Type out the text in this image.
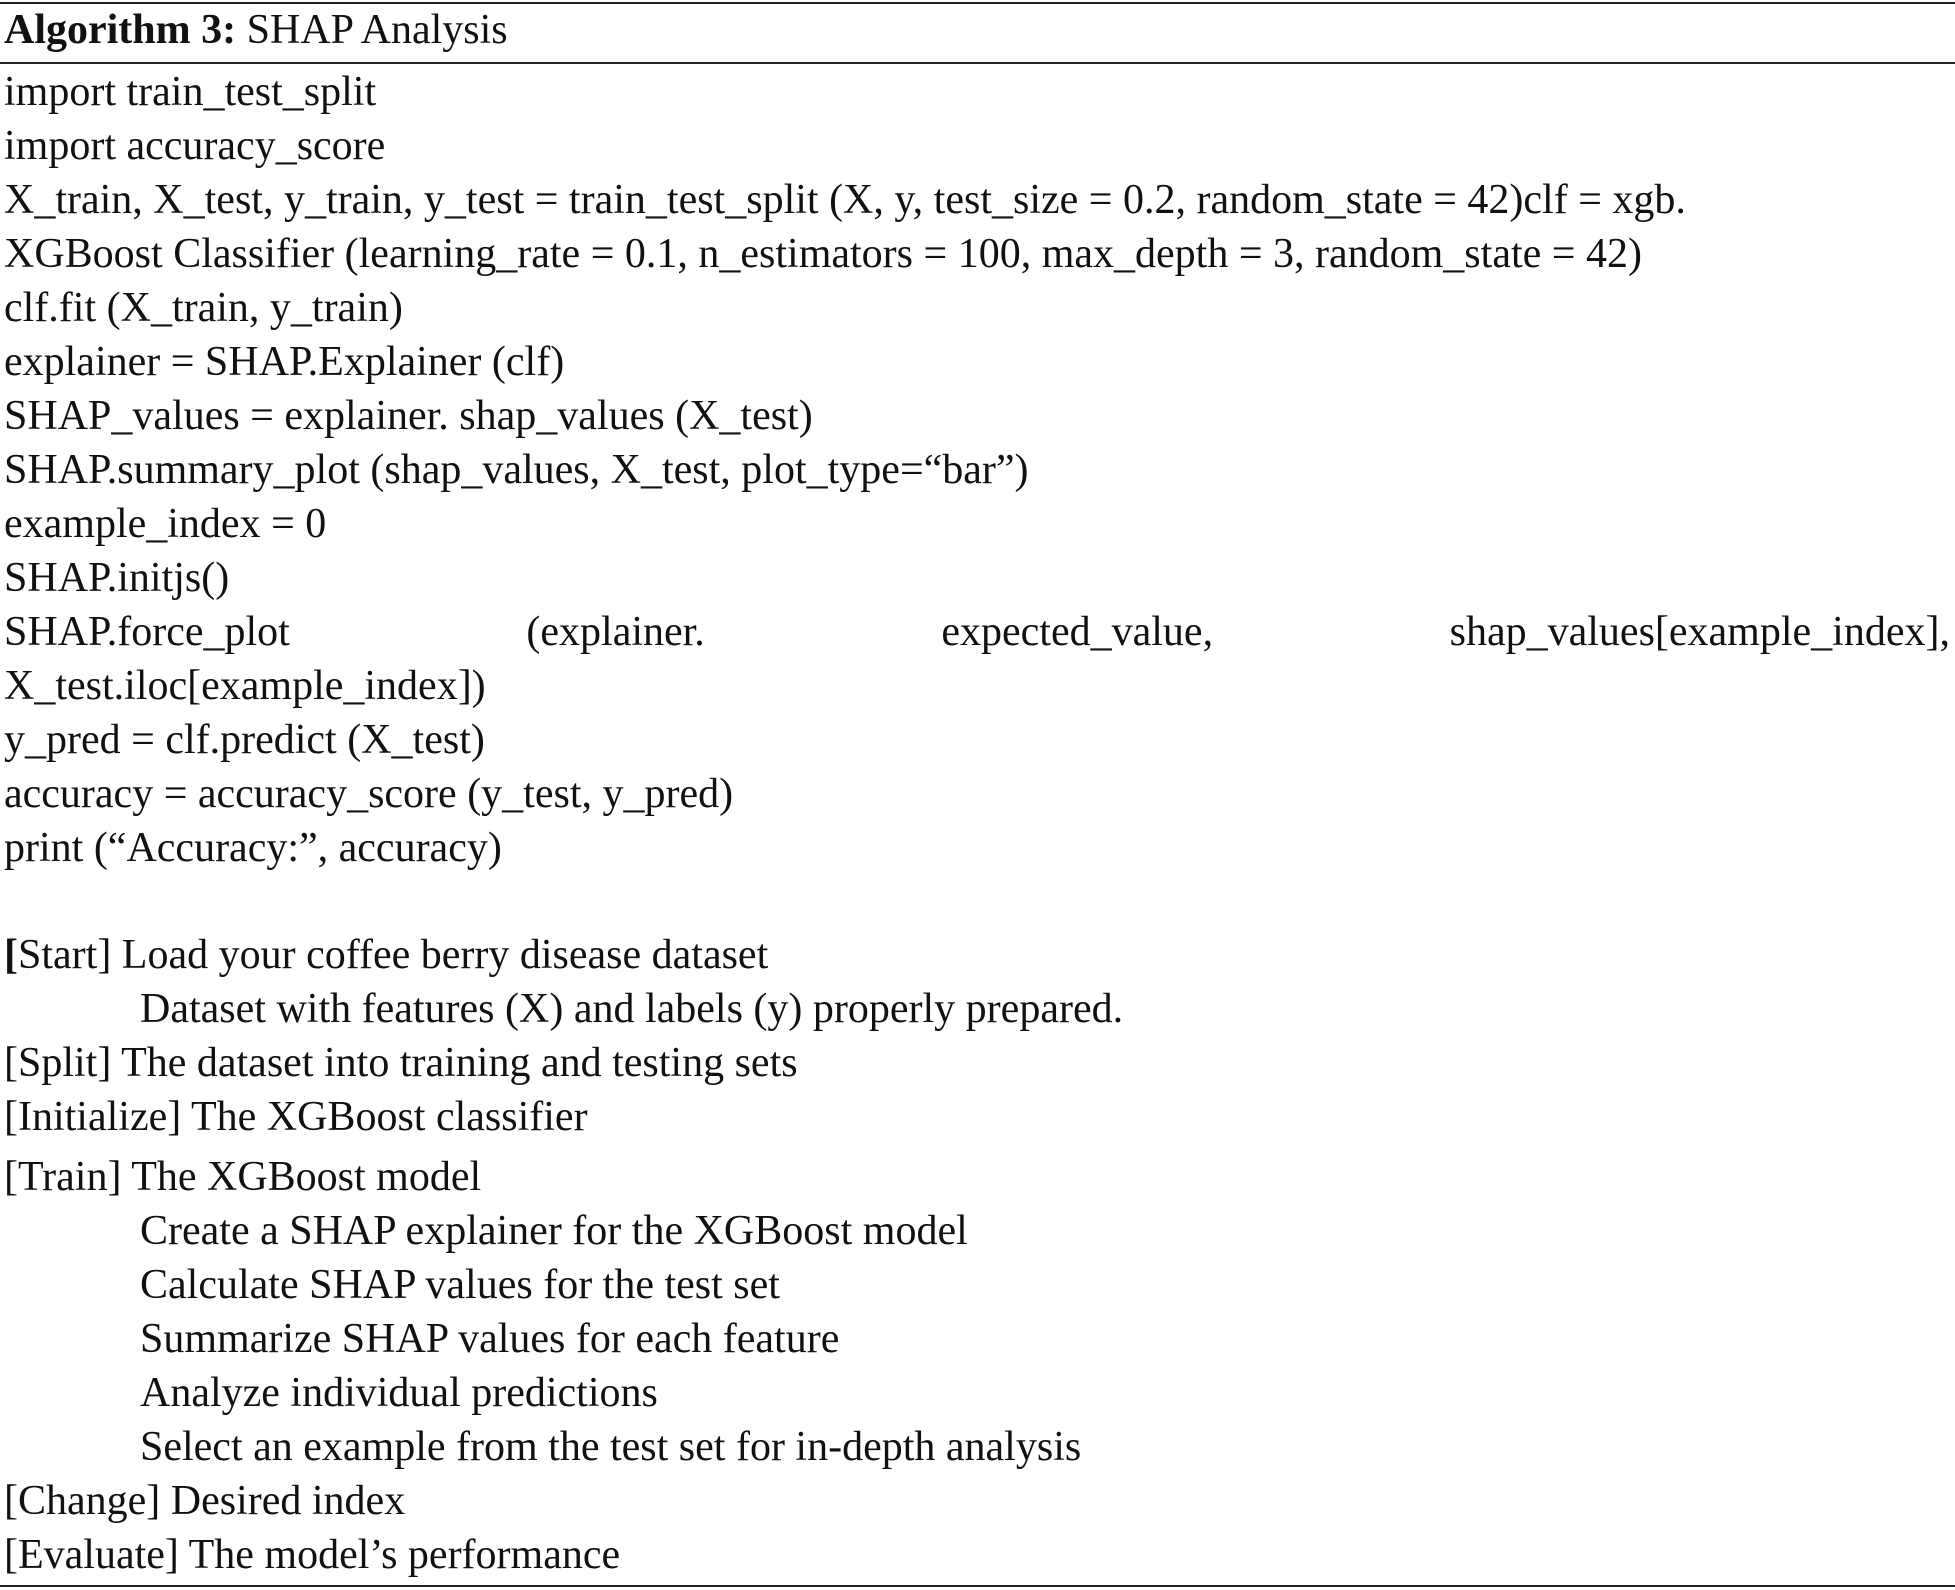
Algorithm 3: SHAP Analysis
import train_test_split
import accuracy_score
X_train, X_test, y_train, y_test = train_test_split (X, y, test_size = 0.2, random_state = 42)clf = xgb.
XGBoost Classifier (learning_rate = 0.1, n_estimators = 100, max_depth = 3, random_state = 42)
clf.fit (X_train, y_train)
explainer = SHAP.Explainer (clf)
SHAP_values = explainer. shap_values (X_test)
SHAP.summary_plot (shap_values, X_test, plot_type=“bar”)
example_index = 0
SHAP.initjs()
SHAP.force_plot	(explainer.	expected_value,	shap_values[example_index],
X_test.iloc[example_index])
y_pred = clf.predict (X_test)
accuracy = accuracy_score (y_test, y_pred)
print (“Accuracy:”, accuracy)
[Start] Load your coffee berry disease dataset
Dataset with features (X) and labels (y) properly prepared.
[Split] The dataset into training and testing sets
[Initialize] The XGBoost classifier
[Train] The XGBoost model
Create a SHAP explainer for the XGBoost model
Calculate SHAP values for the test set
Summarize SHAP values for each feature
Analyze individual predictions
Select an example from the test set for in-depth analysis
[Change] Desired index
[Evaluate] The model’s performance
